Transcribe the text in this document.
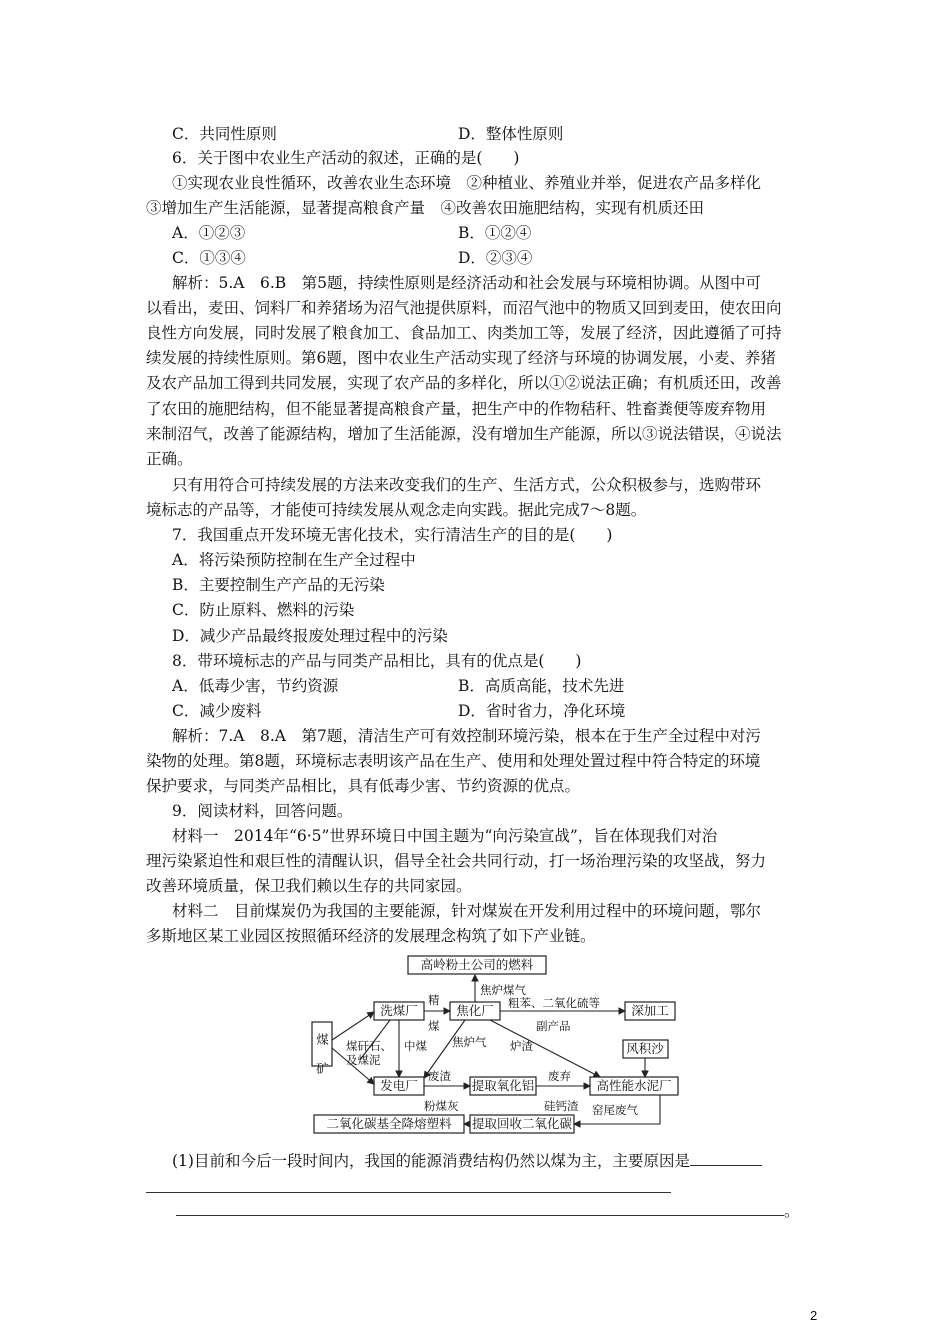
C．共同性原则	D．整体性原则
6．关于图中农业生产活动的叙述，正确的是(　　)
①实现农业良性循环，改善农业生态环境　②种植业、养殖业并举，促进农产品多样化
③增加生产生活能源，显著提高粮食产量　④改善农田施肥结构，实现有机质还田
A．①②③	B．①②④
C．①③④	D．②③④
解析：5.A　6.B　第5题，持续性原则是经济活动和社会发展与环境相协调。从图中可
以看出，麦田、饲料厂和养猪场为沼气池提供原料，而沼气池中的物质又回到麦田，使农田向
良性方向发展，同时发展了粮食加工、食品加工、肉类加工等，发展了经济，因此遵循了可持
续发展的持续性原则。第6题，图中农业生产活动实现了经济与环境的协调发展，小麦、养猪
及农产品加工得到共同发展，实现了农产品的多样化，所以①②说法正确；有机质还田，改善
了农田的施肥结构，但不能显著提高粮食产量，把生产中的作物秸秆、牲畜粪便等废弃物用
来制沼气，改善了能源结构，增加了生活能源，没有增加生产能源，所以③说法错误，④说法
正确。
只有用符合可持续发展的方法来改变我们的生产、生活方式，公众积极参与，选购带环
境标志的产品等，才能使可持续发展从观念走向实践。据此完成7～8题。
7．我国重点开发环境无害化技术，实行清洁生产的目的是(　　)
A．将污染预防控制在生产全过程中
B．主要控制生产产品的无污染
C．防止原料、燃料的污染
D．减少产品最终报废处理过程中的污染
8．带环境标志的产品与同类产品相比，具有的优点是(　　)
A．低毒少害，节约资源	B．高质高能，技术先进
C．减少废料	D．省时省力，净化环境
解析：7.A　8.A　第7题，清洁生产可有效控制环境污染，根本在于生产全过程中对污
染物的处理。第8题，环境标志表明该产品在生产、使用和处理处置过程中符合特定的环境
保护要求，与同类产品相比，具有低毒少害、节约资源的优点。
9．阅读材料，回答问题。
材料一　2014年“6·5”世界环境日中国主题为“向污染宣战”，旨在体现我们对治
理污染紧迫性和艰巨性的清醒认识，倡导全社会共同行动，打一场治理污染的攻坚战，努力
改善环境质量，保卫我们赖以生存的共同家园。
材料二　目前煤炭仍为我国的主要能源，针对煤炭在开发利用过程中的环境问题，鄂尔
多斯地区某工业园区按照循环经济的发展理念构筑了如下产业链。
高岭粉土公司的燃料
煤矿
洗煤厂	焦化厂	深加工
风积沙
发电厂	提取氧化铝	高性能水泥厂
二氧化碳基全降熔塑料 提取回收二氧化碳
焦炉煤气
精
煤
粗苯、二氧化硫等
副产品
煤矸石、
及煤泥
中煤 焦炉气 炉渣
废渣
粉煤灰
废弃
硅钙渣 窑尾废气
(1)目前和今后一段时间内，我国的能源消费结构仍然以煤为主，主要原因是
。
2
